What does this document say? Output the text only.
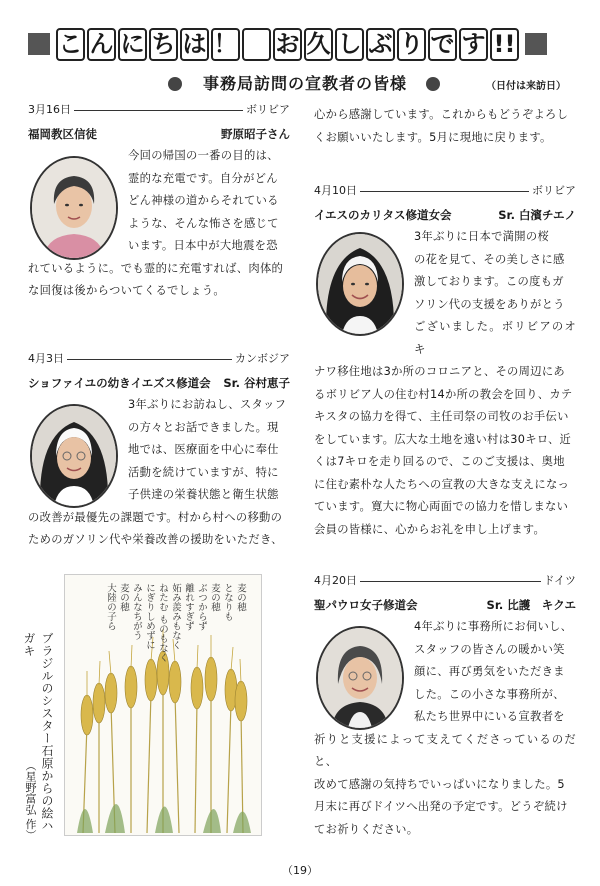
こ ん に ち は ！ お 久 し ぶ り で す !!
事務局訪問の宣教者の皆様	（日付は来訪日）
3月16日	ボリビア
福岡教区信徒	野原昭子さん

今回の帰国の一番の目的は、

霊的な充電です。自分がどん

どん神様の道からそれている

ような、そんな怖さを感じて

います。日本中が大地震を恐

れているように。でも霊的に充電すれば、肉体的

な回復は後からついてくるでしょう。

4月3日	カンボジア
ショファイユの幼きイエズス修道会 Sr. 谷村恵子

3年ぶりにお訪ねし、スタッフ

の方々とお話できました。現

地では、医療面を中心に奉仕

活動を続けていますが、特に

子供達の栄養状態と衛生状態

の改善が最優先の課題です。村から村への移動の

ためのガソリン代や栄養改善の援助をいただき、

心から感謝しています。これからもどうぞよろし

くお願いいたします。5月に現地に戻ります。

4月10日	ボリビア
イエスのカリタス修道女会	Sr. 白濱チエノ

3年ぶりに日本で満開の桜

の花を見て、その美しさに感

激しております。この度もガ

ソリン代の支援をありがとう

ございました。ボリビアのオキ

ナワ移住地は3か所のコロニアと、その周辺にあ

るボリビア人の住む村14か所の教会を回り、カテ

キスタの協力を得て、主任司祭の司牧のお手伝い

をしています。広大な土地を遠い村は30キロ、近

くは7キロを走り回るので、このご支援は、奥地

に住む素朴な人たちへの宣教の大きな支えになっ

ています。寛大に物心両面での協力を惜しまない

会員の皆様に、心からお礼を申し上げます。

4月20日	ドイツ
聖パウロ女子修道会	Sr. 比護　キクエ

4年ぶりに事務所にお伺いし、

スタッフの皆さんの暖かい笑

顔に、再び勇気をいただきま

した。この小さな事務所が、

私たち世界中にいる宣教者を

祈りと支援によって支えてくださっているのだと、

改めて感謝の気持ちでいっぱいになりました。5

月末に再びドイツへ出発の予定です。どうぞ続け

てお祈りください。

麦の穂
となりも
麦の穂
ぶつからず
離れすぎず
妬み羨みもなく
ねたむ ものもなく
にぎりしめずに
みんなちがう
麦の穂
大陸の子ら
ブラジルのシスター石原からの絵ハガキ
（星野富弘 作）
（19）
